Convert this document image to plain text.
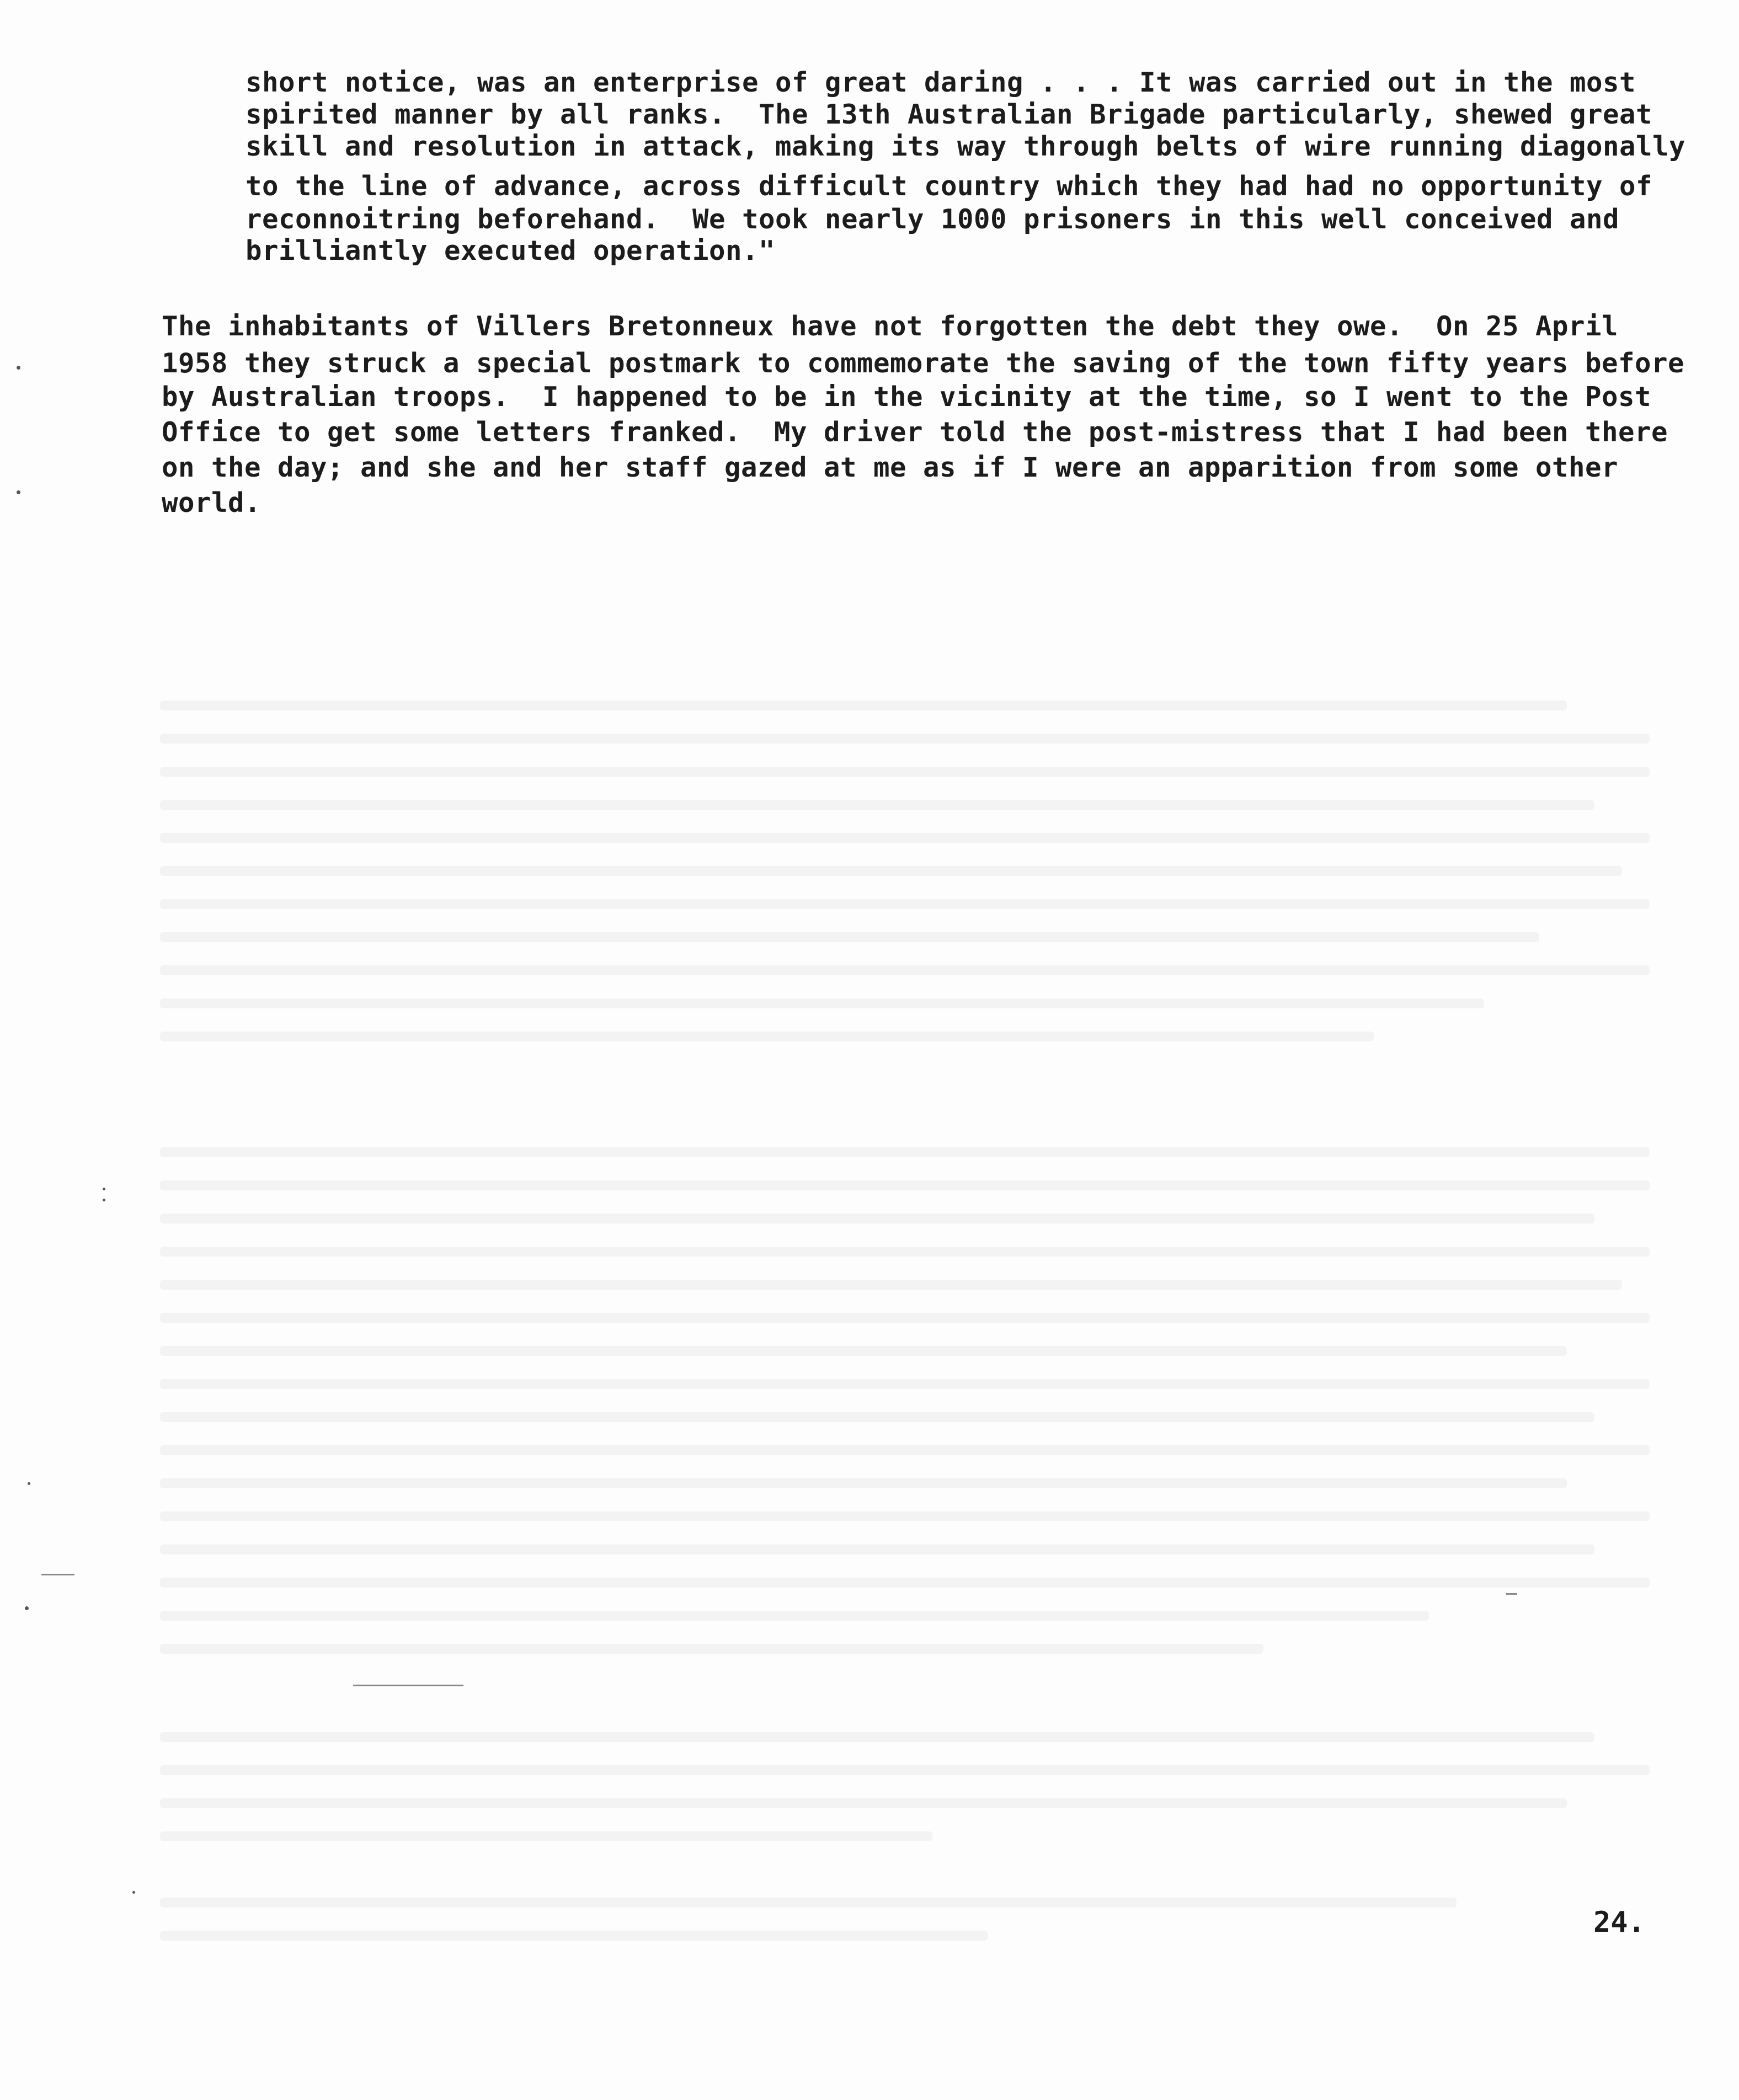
short notice, was an enterprise of great daring . . . It was carried out in the most
spirited manner by all ranks.  The 13th Australian Brigade particularly, shewed great
skill and resolution in attack, making its way through belts of wire running diagonally
to the line of advance, across difficult country which they had had no opportunity of
reconnoitring beforehand.  We took nearly 1000 prisoners in this well conceived and
brilliantly executed operation."
The inhabitants of Villers Bretonneux have not forgotten the debt they owe.  On 25 April
1958 they struck a special postmark to commemorate the saving of the town fifty years before
by Australian troops.  I happened to be in the vicinity at the time, so I went to the Post
Office to get some letters franked.  My driver told the post-mistress that I had been there
on the day; and she and her staff gazed at me as if I were an apparition from some other
world.
24.
